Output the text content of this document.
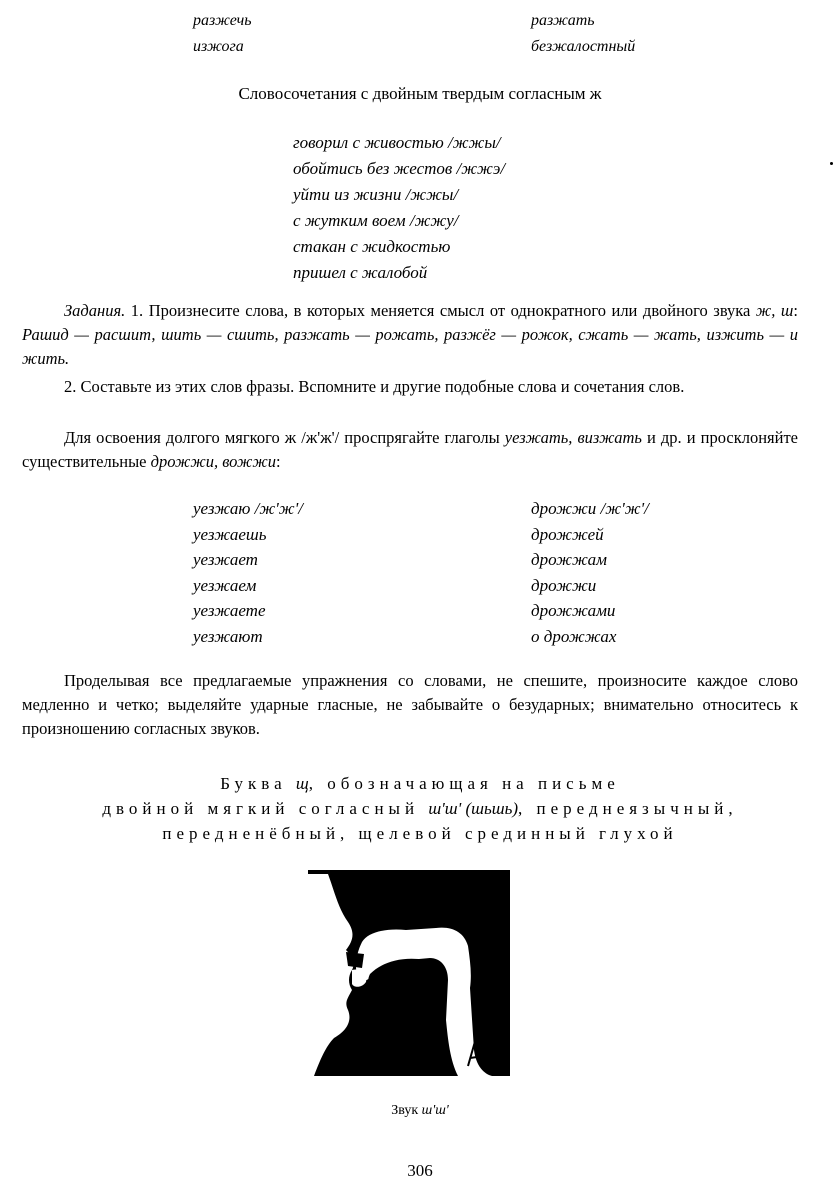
разжечь	разжать
изжога	безжалостный
Словосочетания с двойным твердым согласным ж
говорил с живостью /жжы/
обойтись без жестов /жжэ/
уйти из жизни /жжы/
с жутким воем /жжу/
стакан с жидкостью
пришел с жалобой
Задания. 1. Произнесите слова, в которых меняется смысл от однократного или двойного звука ж, ш: Рашид — расшит, шить — сшить, разжать — рожать, разжёг — рожок, сжать — жать, изжить — и жить.
2. Составьте из этих слов фразы. Вспомните и другие подобные слова и сочетания слов.
Для освоения долгого мягкого ж /ж'ж'/ проспрягайте глаголы уезжать, визжать и др. и просклоняйте существительные дрожжи, вожжи:
уезжаю /ж'ж'/
уезжаешь
уезжает
уезжаем
уезжаете
уезжают
дрожжи /ж'ж'/
дрожжей
дрожжам
дрожжи
дрожжами
о дрожжах
Проделывая все предлагаемые упражнения со словами, не спешите, произносите каждое слово медленно и четко; выделяйте ударные гласные, не забывайте о безударных; внимательно относитесь к произношению согласных звуков.
Буква щ, обозначающая на письме
двойной мягкий согласный ш'ш' (шьшь), переднеязычный,
передненёбный, щелевой срединный глухой
Звук ш'ш'
306
